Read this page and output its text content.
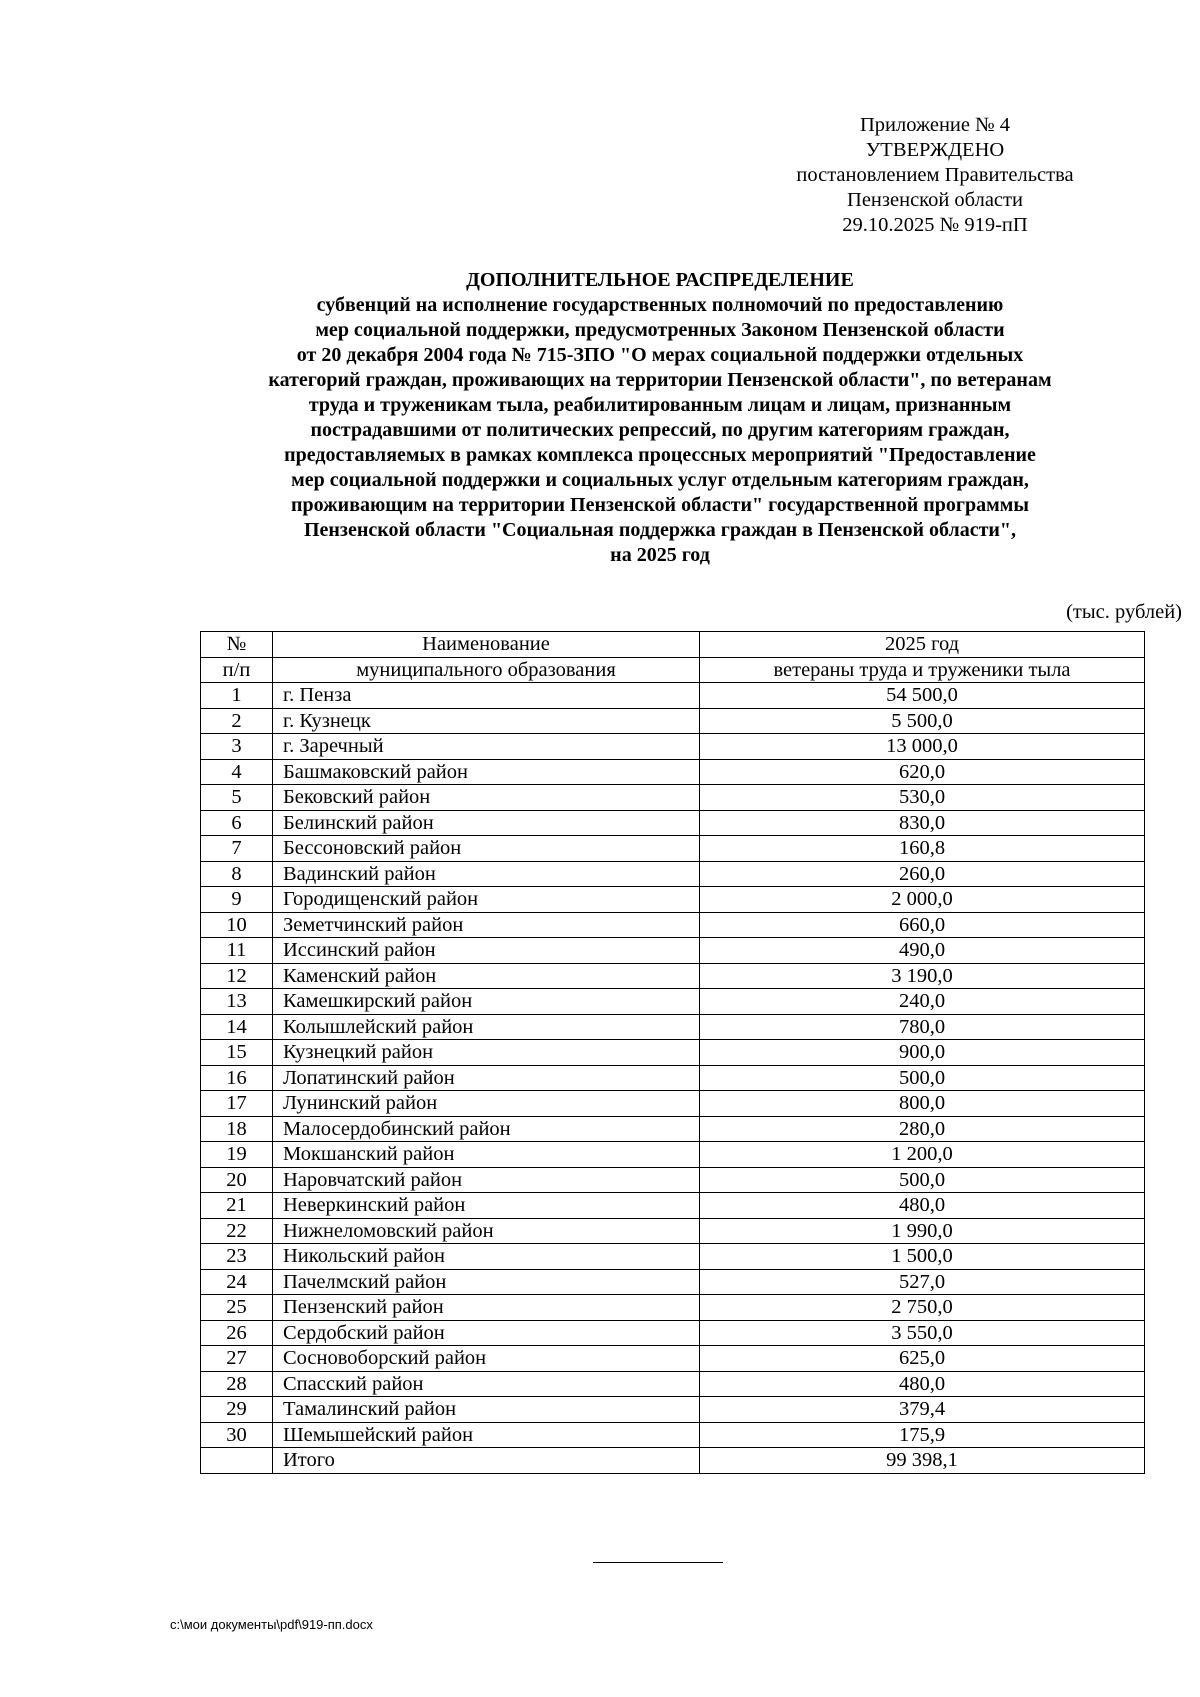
Приложение № 4
УТВЕРЖДЕНО
постановлением Правительства
Пензенской области
29.10.2025 № 919-пП
ДОПОЛНИТЕЛЬНОЕ РАСПРЕДЕЛЕНИЕ
субвенций на исполнение государственных полномочий по предоставлению
мер социальной поддержки, предусмотренных Законом Пензенской области
от 20 декабря 2004 года № 715-ЗПО "О мерах социальной поддержки отдельных
категорий граждан, проживающих на территории Пензенской области", по ветеранам
труда и труженикам тыла, реабилитированным лицам и лицам, признанным
пострадавшими от политических репрессий, по другим категориям граждан,
предоставляемых в рамках комплекса процессных мероприятий "Предоставление
мер социальной поддержки и социальных услуг отдельным категориям граждан,
проживающим на территории Пензенской области" государственной программы
Пензенской области "Социальная поддержка граждан в Пензенской области",
на 2025 год
(тыс. рублей)
№	Наименование	2025 год
п/п	муниципального образования	ветераны труда и труженики тыла
1	г. Пенза	54 500,0
2	г. Кузнецк	5 500,0
3	г. Заречный	13 000,0
4	Башмаковский район	620,0
5	Бековский район	530,0
6	Белинский район	830,0
7	Бессоновский район	160,8
8	Вадинский район	260,0
9	Городищенский район	2 000,0
10	Земетчинский район	660,0
11	Иссинский район	490,0
12	Каменский район	3 190,0
13	Камешкирский район	240,0
14	Колышлейский район	780,0
15	Кузнецкий район	900,0
16	Лопатинский район	500,0
17	Лунинский район	800,0
18	Малосердобинский район	280,0
19	Мокшанский район	1 200,0
20	Наровчатский район	500,0
21	Неверкинский район	480,0
22	Нижнеломовский район	1 990,0
23	Никольский район	1 500,0
24	Пачелмский район	527,0
25	Пензенский район	2 750,0
26	Сердобский район	3 550,0
27	Сосновоборский район	625,0
28	Спасский район	480,0
29	Тамалинский район	379,4
30	Шемышейский район	175,9
	Итого	99 398,1
c:\мои документы\pdf\919-пп.docx
